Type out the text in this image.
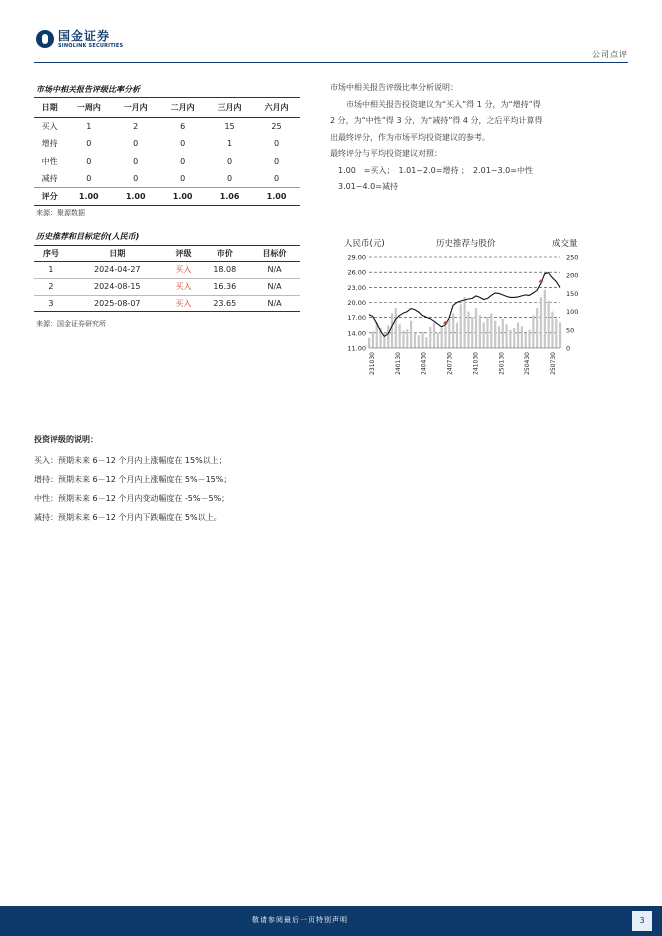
国金证券
SINOLINK SECURITIES
公司点评
市场中相关报告评级比率分析
日期	一周内	一月内	二月内	三月内	六月内
买入	1	2	6	15	25
增持	0	0	0	1	0
中性	0	0	0	0	0
减持	0	0	0	0	0
评分	1.00	1.00	1.00	1.06	1.00
来源：聚源数据
历史推荐和目标定价(人民币)
序号	日期	评级	市价	目标价
1	2024-04-27	买入	18.08	N/A
2	2024-08-15	买入	16.36	N/A
3	2025-08-07	买入	23.65	N/A
来源：国金证券研究所

市场中相关报告评级比率分析说明：

　　市场中相关报告投资建议为“买入”得 1 分，为“增持”得

2 分，为“中性”得 3 分，为“减持”得 4 分，之后平均计算得

出最终评分，作为市场平均投资建议的参考。

最终评分与平均投资建议对照：

　1.00　=买入；　1.01~2.0=增持 ；　2.01~3.0=中性

　3.01~4.0=减持

人民币(元)	历史推荐与股价	成交量
11.00
14.00
17.00
20.00
23.00
26.00
29.00
0
50
100
150
200
250
231030	240130	240430	240730	241030	250130	250430	250730
投资评级的说明：
买入：预期未来 6－12 个月内上涨幅度在 15%以上；
增持：预期未来 6－12 个月内上涨幅度在 5%－15%；
中性：预期未来 6－12 个月内变动幅度在 -5%－5%；
减持：预期未来 6－12 个月内下跌幅度在 5%以上。
敬请参阅最后一页特别声明	3
